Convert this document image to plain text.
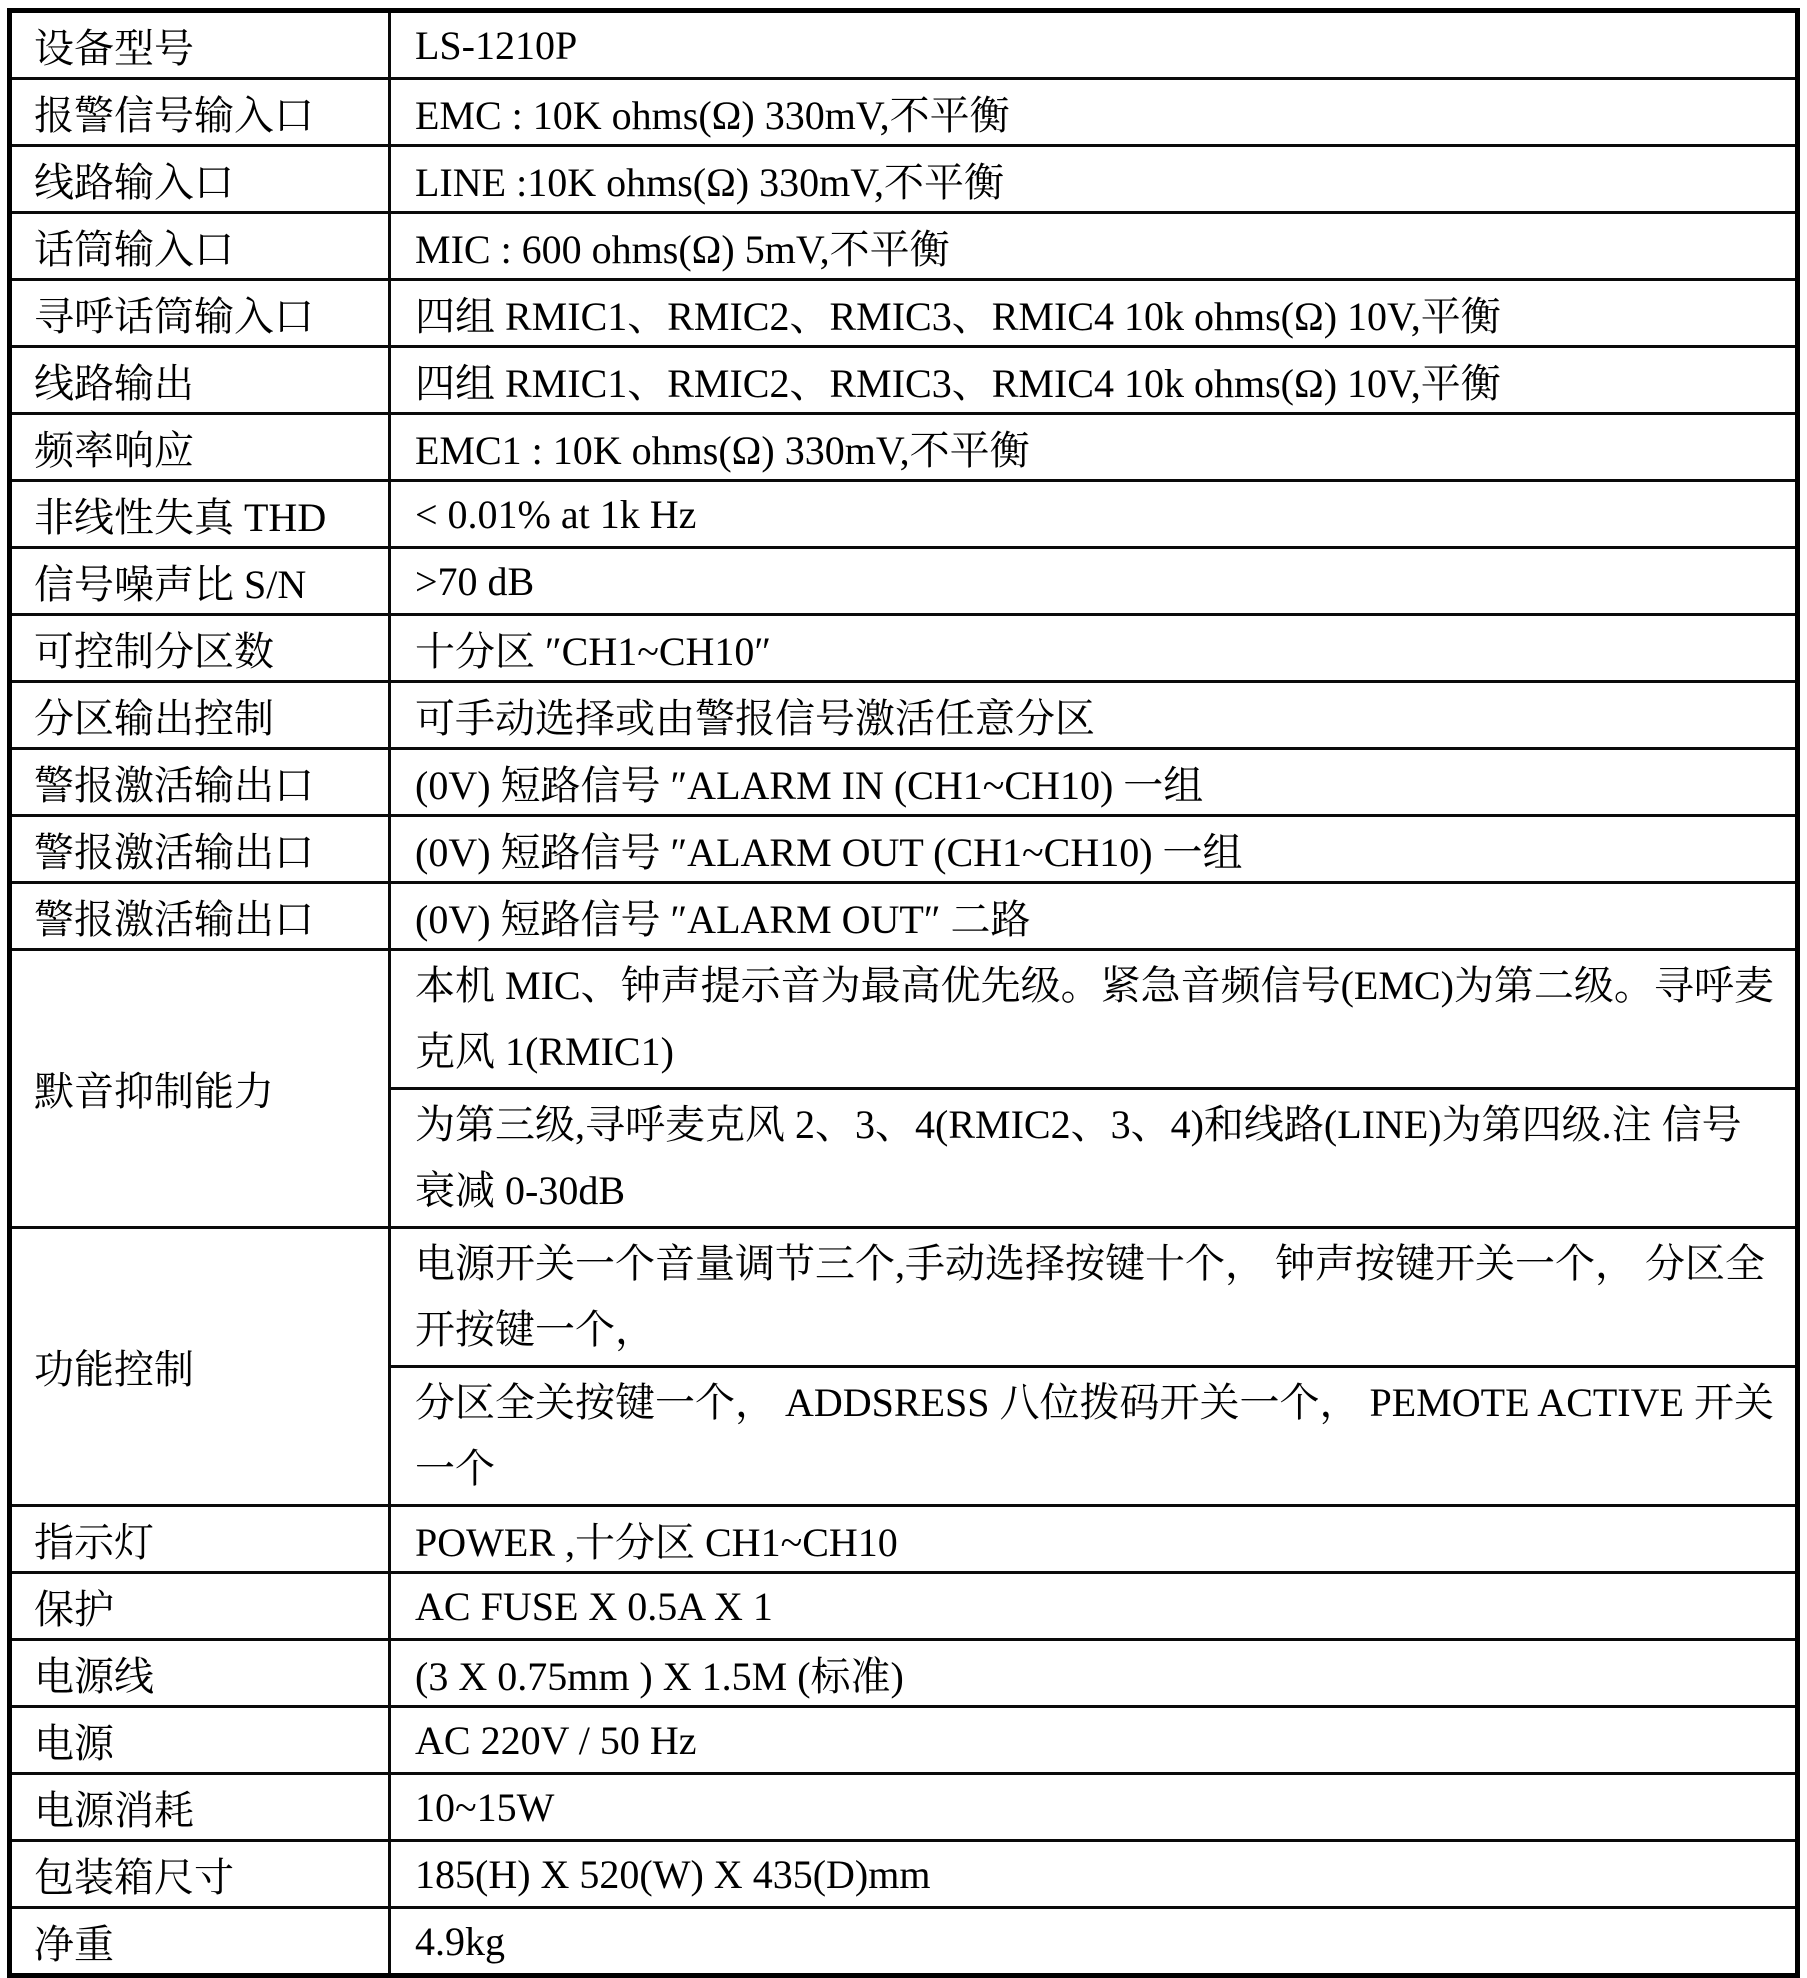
设备型号	LS-1210P
报警信号输入口	EMC : 10K ohms(Ω) 330mV,不平衡
线路输入口	LINE :10K ohms(Ω) 330mV,不平衡
话筒输入口	MIC : 600 ohms(Ω) 5mV,不平衡
寻呼话筒输入口	四组 RMIC1、RMIC2、RMIC3、RMIC4 10k ohms(Ω) 10V,平衡
线路输出	四组 RMIC1、RMIC2、RMIC3、RMIC4 10k ohms(Ω) 10V,平衡
频率响应	EMC1 : 10K ohms(Ω) 330mV,不平衡
非线性失真 THD	< 0.01% at 1k Hz
信号噪声比 S/N	>70 dB
可控制分区数	十分区 ″CH1~CH10″
分区输出控制	可手动选择或由警报信号激活任意分区
警报激活输出口	(0V) 短路信号 ″ALARM IN (CH1~CH10) 一组
警报激活输出口	(0V) 短路信号 ″ALARM OUT (CH1~CH10) 一组
警报激活输出口	(0V) 短路信号 ″ALARM OUT″ 二路
默音抑制能力	本机 MIC、钟声提示音为最高优先级。紧急音频信号(EMC)为第二级。寻呼麦克风 1(RMIC1)
	为第三级,寻呼麦克风 2、3、4(RMIC2、3、4)和线路(LINE)为第四级.注 信号衰减 0-30dB
功能控制	电源开关一个音量调节三个,手动选择按键十个， 钟声按键开关一个， 分区全开按键一个，
	分区全关按键一个， ADDSRESS 八位拨码开关一个， PEMOTE ACTIVE 开关一个
指示灯	POWER ,十分区 CH1~CH10
保护	AC FUSE X 0.5A X 1
电源线	(3 X 0.75mm ) X 1.5M (标准)
电源	AC 220V / 50 Hz
电源消耗	10~15W
包装箱尺寸	185(H) X 520(W) X 435(D)mm
净重	4.9kg
